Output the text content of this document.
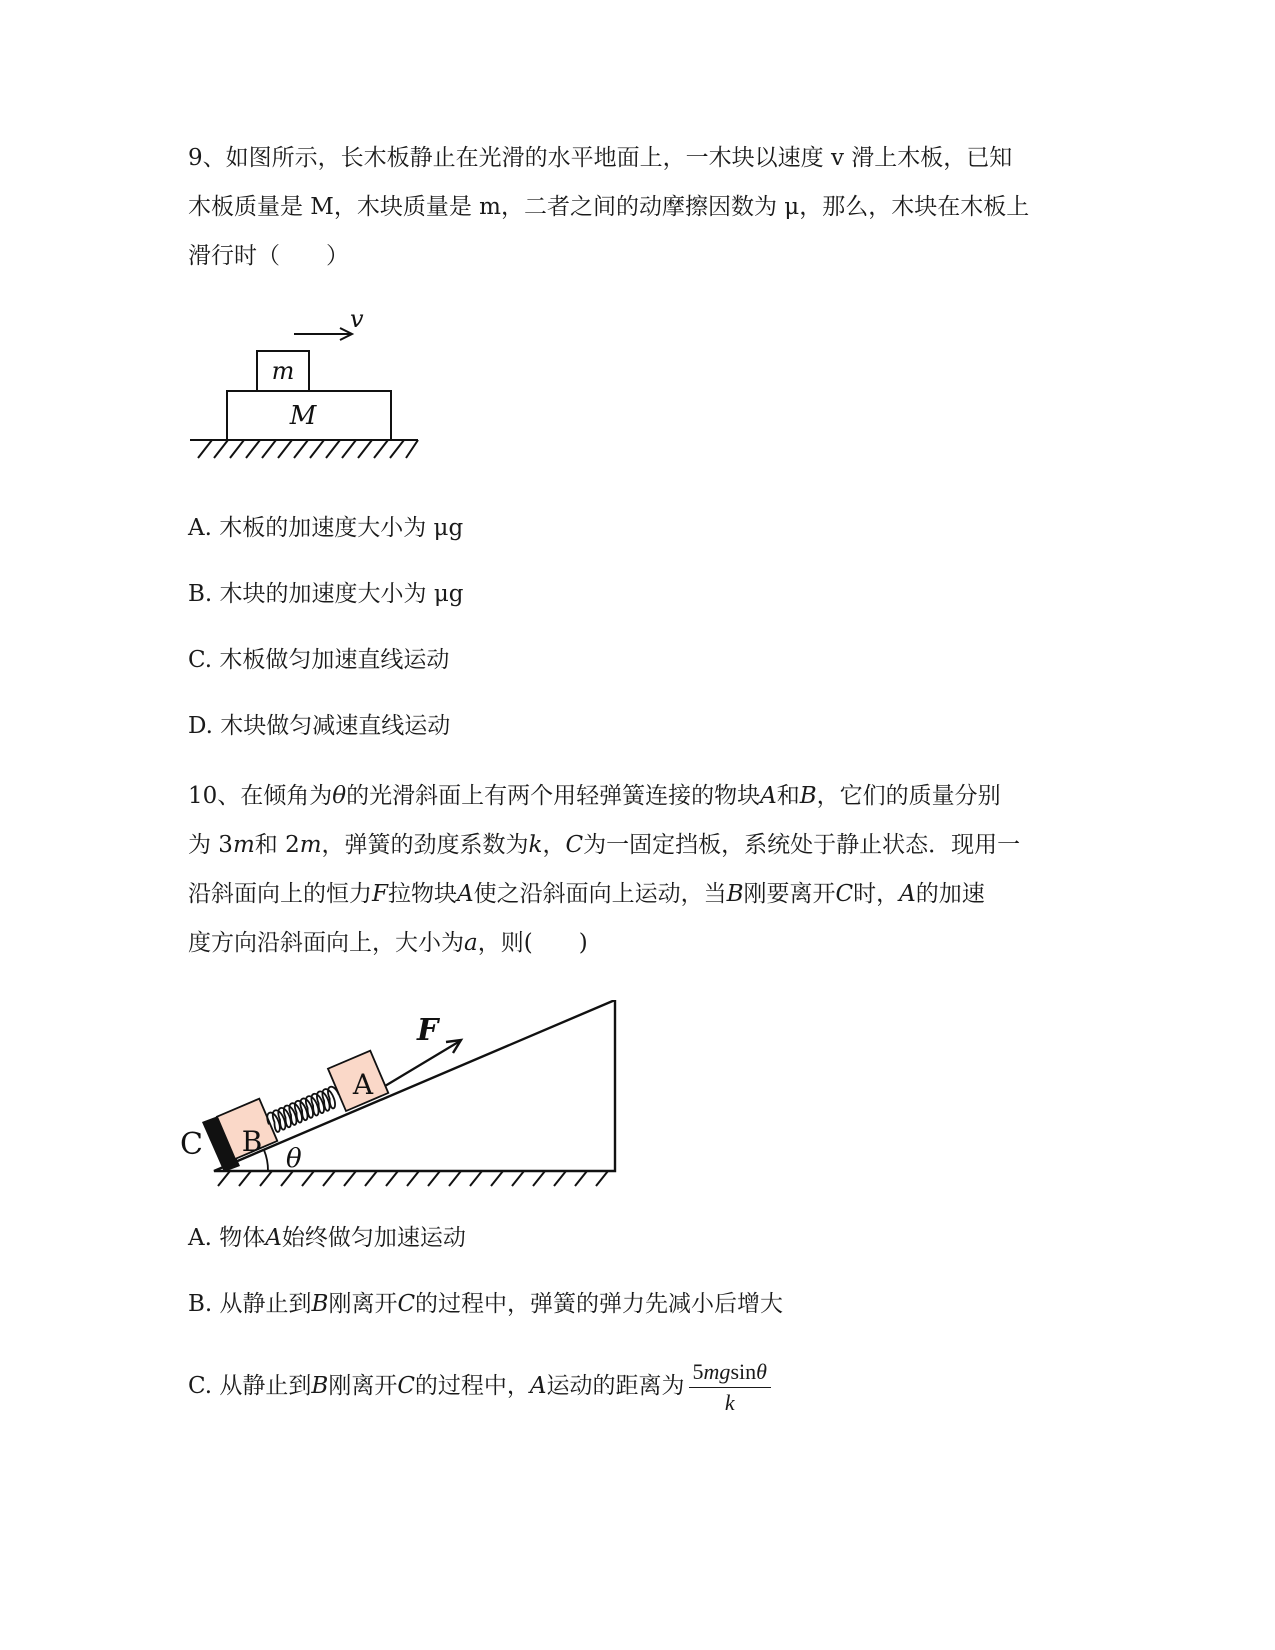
9、如图所示，长木板静止在光滑的水平地面上，一木块以速度 v 滑上木板，已知

木板质量是 M，木块质量是 m，二者之间的动摩擦因数为 μ，那么，木块在木板上

滑行时（　　）

v
m
M
A. 木板的加速度大小为 μg
B. 木块的加速度大小为 μg
C. 木板做匀加速直线运动
D. 木块做匀减速直线运动

10、在倾角为θ的光滑斜面上有两个用轻弹簧连接的物块A和B，它们的质量分别

为 3m和 2m，弹簧的劲度系数为k，C为一固定挡板，系统处于静止状态．现用一

沿斜面向上的恒力F拉物块A使之沿斜面向上运动，当B刚要离开C时，A的加速

度方向沿斜面向上，大小为a，则(　　)

C B
A
F
θ
A. 物体A始终做匀加速运动
B. 从静止到B刚离开C的过程中，弹簧的弹力先减小后增大
C. 从静止到B刚离开C的过程中，A运动的距离为 $\frac{5mgsin\theta}{k}$
